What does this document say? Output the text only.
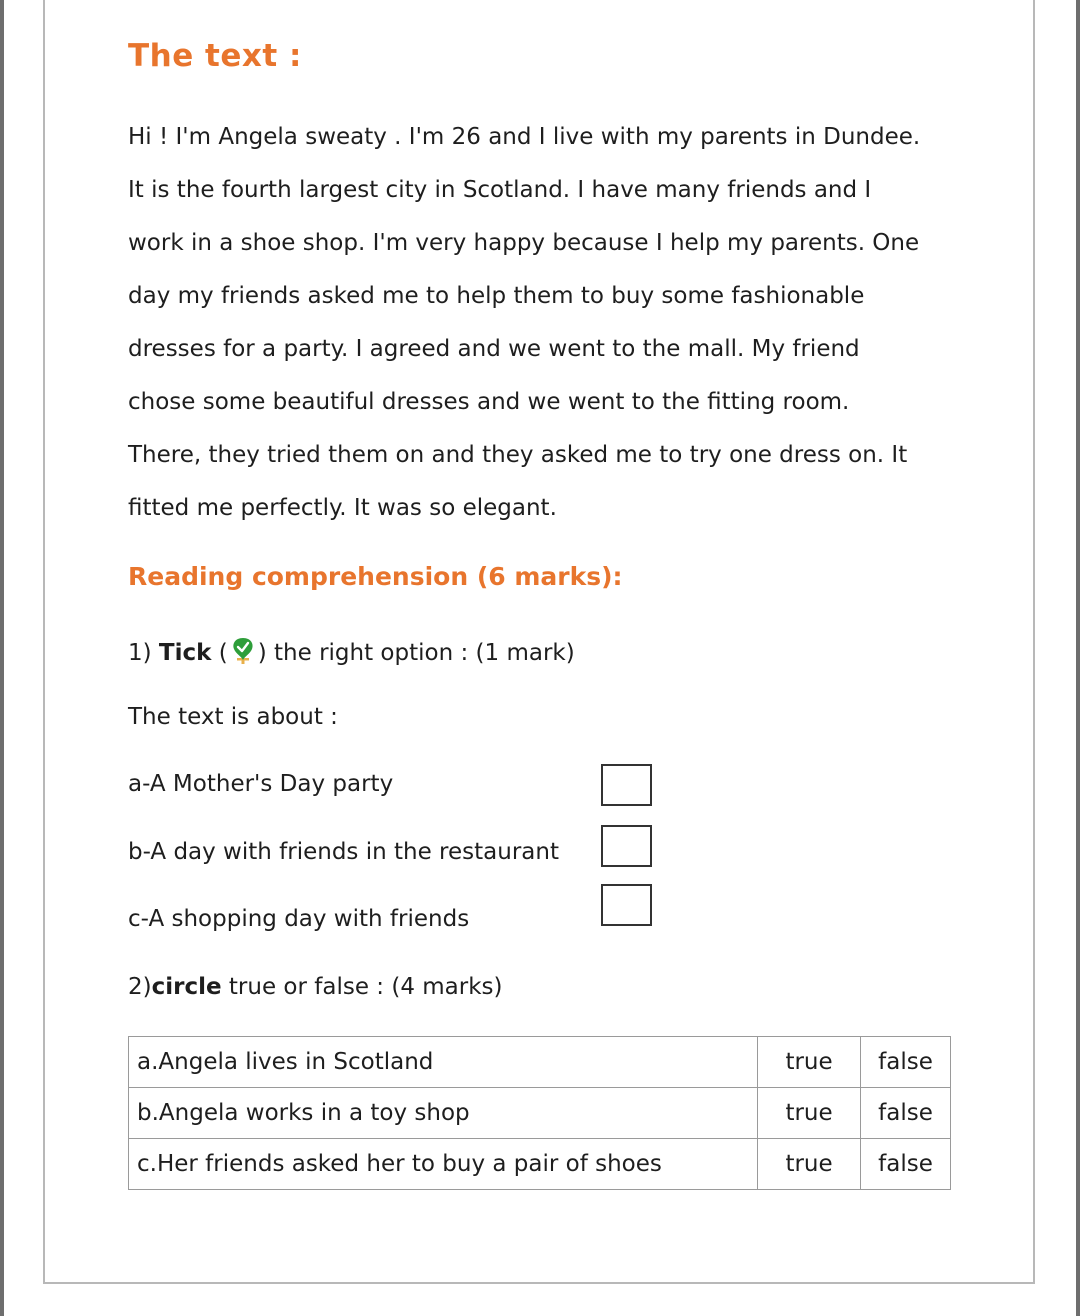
The text :
Hi ! I'm Angela sweaty . I'm 26 and I live with my parents in Dundee.
It is the fourth largest city in Scotland. I have many friends and I
work in a shoe shop. I'm very happy because I help my parents. One
day my friends asked me to help them to buy some fashionable
dresses for a party. I agreed and we went to the mall. My friend
chose some beautiful dresses and we went to the fitting room.
There, they tried them on and they asked me to try one dress on. It
fitted me perfectly. It was so elegant.
Reading comprehension (6 marks):
1) Tick ( ) the right option : (1 mark)
The text is about :
a-A Mother's Day party
b-A day with friends in the restaurant
c-A shopping day with friends
2)circle true or false : (4 marks)
a.Angela lives in Scotland	true	false
b.Angela works in a toy shop	true	false
c.Her friends asked her to buy a pair of shoes	true	false
